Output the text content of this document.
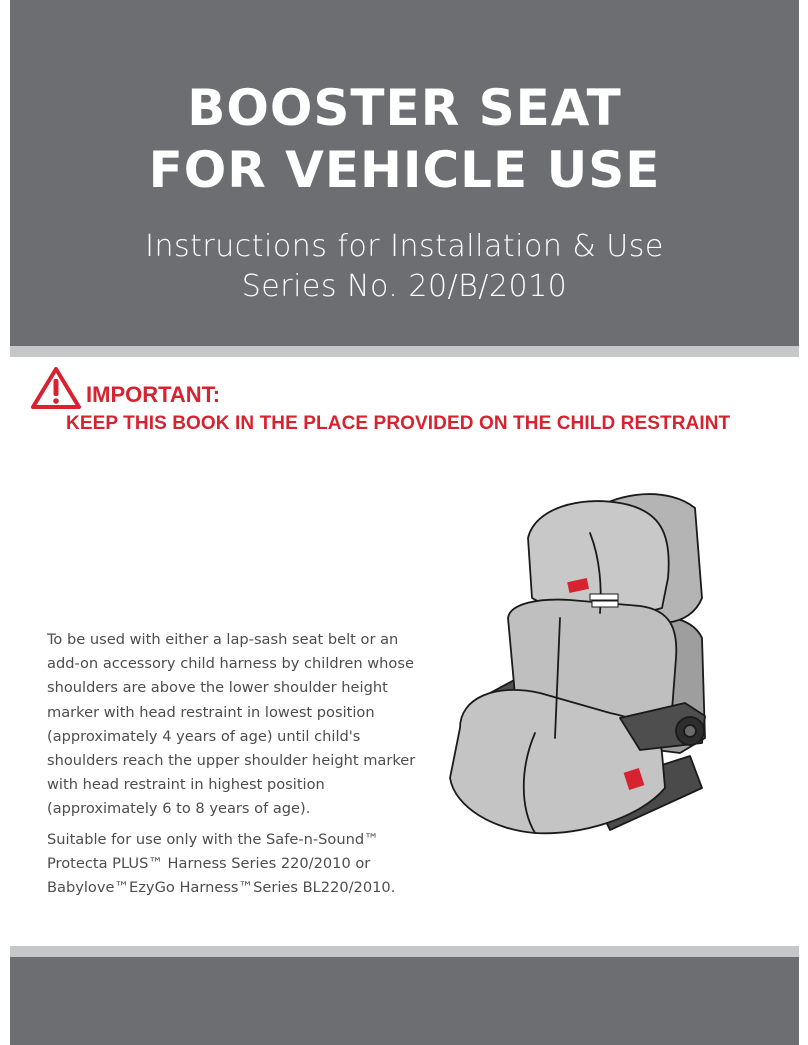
BOOSTER SEAT
FOR VEHICLE USE
Instructions for Installation & Use
Series No. 20/B/2010
IMPORTANT:
KEEP THIS BOOK IN THE PLACE PROVIDED ON THE CHILD RESTRAINT

To be used with either a lap-sash seat belt or an add-on accessory child harness by children whose shoulders are above the lower shoulder height marker with head restraint in lowest position (approximately 4 years of age) until child's shoulders reach the upper shoulder height marker with head restraint in highest position (approximately 6 to 8 years of age).

Suitable for use only with the Safe-n-Sound™ Protecta PLUS™ Harness Series 220/2010 or Babylove™EzyGo Harness™Series BL220/2010.
